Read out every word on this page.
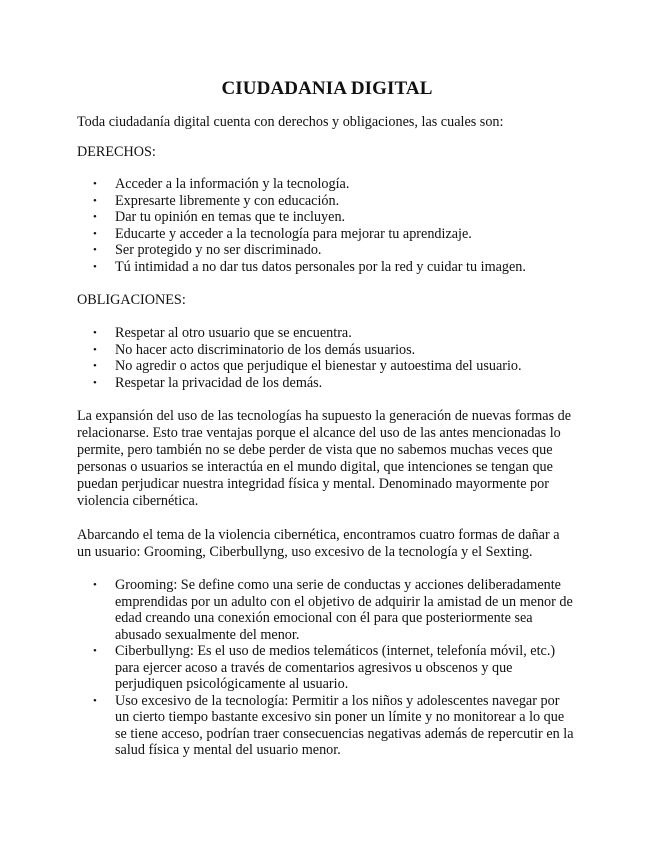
CIUDADANIA DIGITAL

Toda ciudadanía digital cuenta con derechos y obligaciones, las cuales son:

DERECHOS:

• Acceder a la información y la tecnología.
• Expresarte libremente y con educación.
• Dar tu opinión en temas que te incluyen.
• Educarte y acceder a la tecnología para mejorar tu aprendizaje.
• Ser protegido y no ser discriminado.
• Tú intimidad a no dar tus datos personales por la red y cuidar tu imagen.

OBLIGACIONES:

• Respetar al otro usuario que se encuentra.
• No hacer acto discriminatorio de los demás usuarios.
• No agredir o actos que perjudique el bienestar y autoestima del usuario.
• Respetar la privacidad de los demás.

La expansión del uso de las tecnologías ha supuesto la generación de nuevas formas de relacionarse. Esto trae ventajas porque el alcance del uso de las antes mencionadas lo permite, pero también no se debe perder de vista que no sabemos muchas veces que personas o usuarios se interactúa en el mundo digital, que intenciones se tengan que puedan perjudicar nuestra integridad física y mental. Denominado mayormente por violencia cibernética.

Abarcando el tema de la violencia cibernética, encontramos cuatro formas de dañar a un usuario: Grooming, Ciberbullyng, uso excesivo de la tecnología y el Sexting.

• Grooming: Se define como una serie de conductas y acciones deliberadamente emprendidas por un adulto con el objetivo de adquirir la amistad de un menor de edad creando una conexión emocional con él para que posteriormente sea abusado sexualmente del menor.
• Ciberbullyng: Es el uso de medios telemáticos (internet, telefonía móvil, etc.) para ejercer acoso a través de comentarios agresivos u obscenos y que perjudiquen psicológicamente al usuario.
• Uso excesivo de la tecnología: Permitir a los niños y adolescentes navegar por un cierto tiempo bastante excesivo sin poner un límite y no monitorear a lo que se tiene acceso, podrían traer consecuencias negativas además de repercutir en la salud física y mental del usuario menor.
